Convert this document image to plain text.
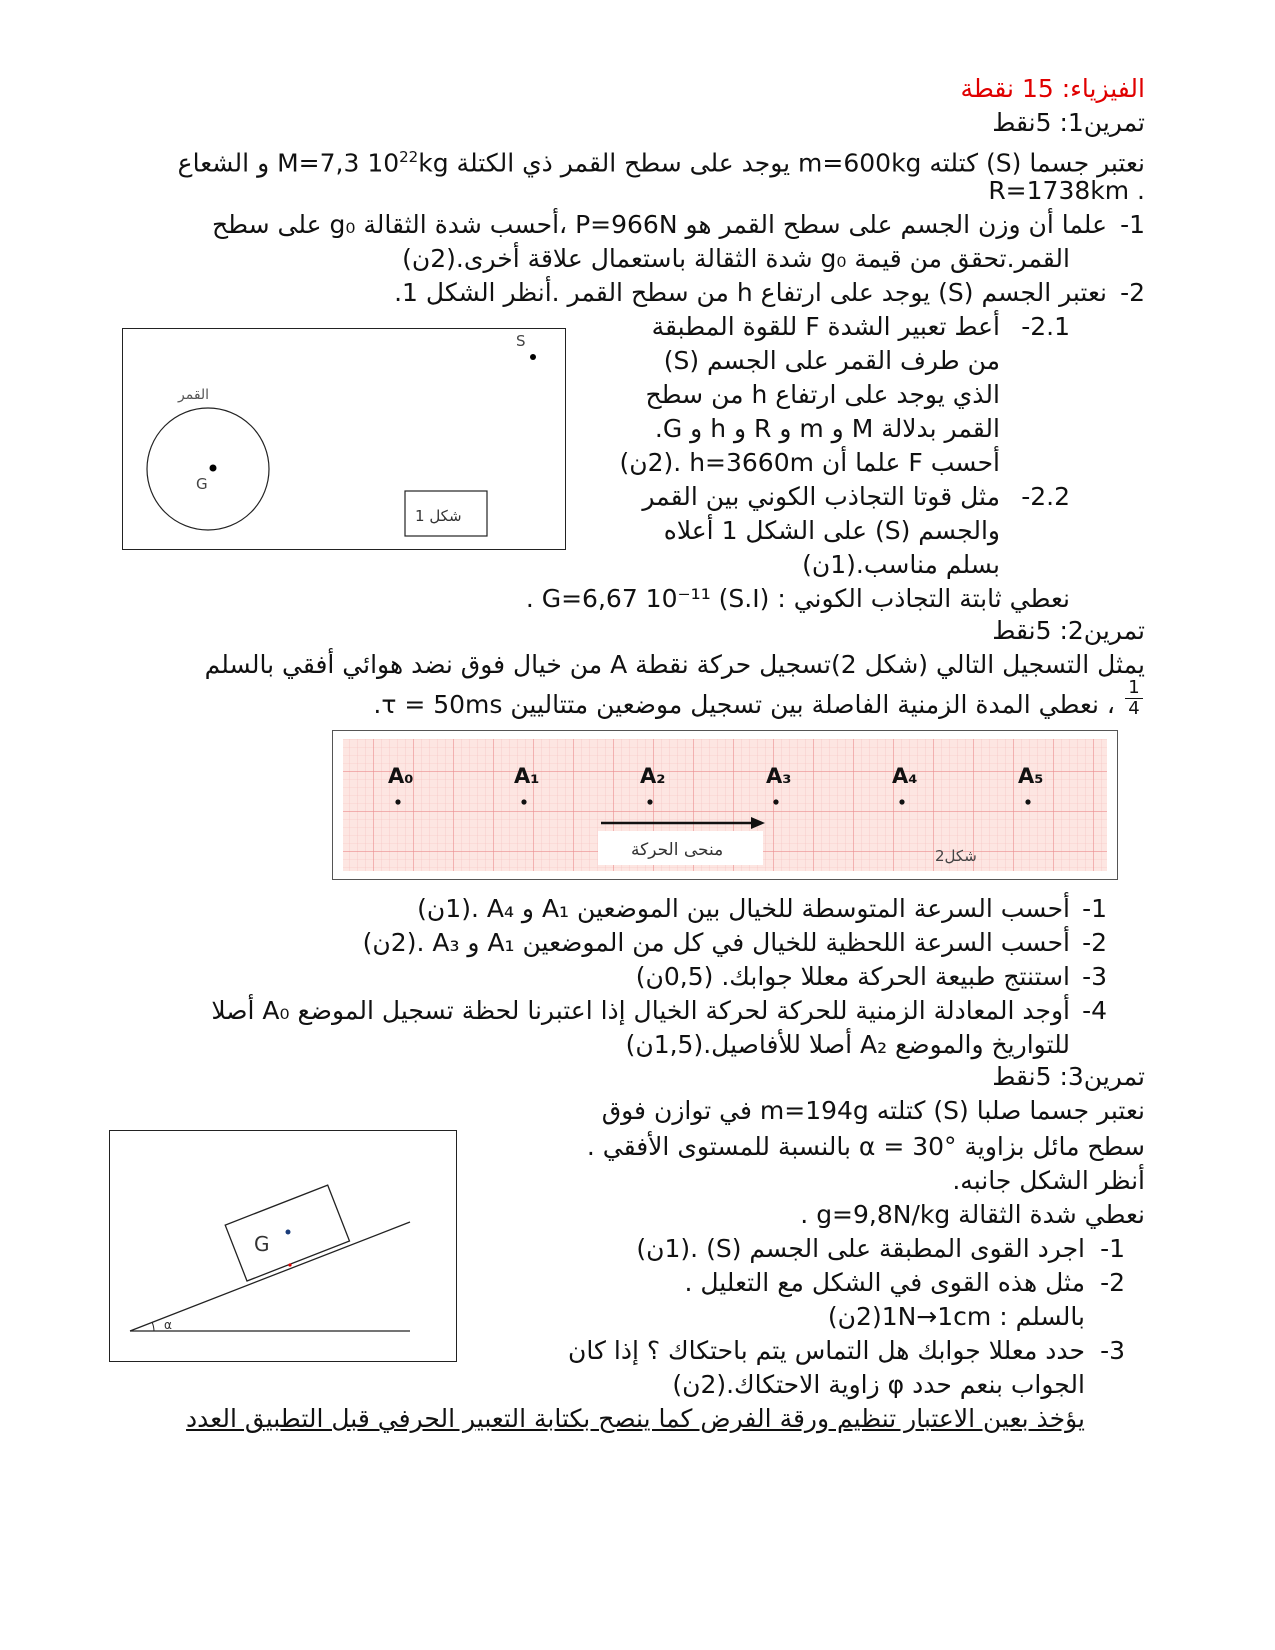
الفيزياء: 15 نقطة
تمرين1: 5نقط
نعتبر جسما (S) كتلته m=600kg يوجد على سطح القمر ذي الكتلة M=7,3 $10^{22}kg$ و الشعاع
. R=1738km
-1
علما أن وزن الجسم على سطح القمر هو P=966N ،أحسب شدة الثقالة g₀ على سطح
القمر.تحقق من قيمة g₀ شدة الثقالة باستعمال علاقة أخرى.(2ن)
-2
نعتبر الجسم (S) يوجد على ارتفاع h من سطح القمر .أنظر الشكل 1.
-2.1
أعط تعبير الشدة F للقوة المطبقة
من طرف القمر على الجسم (S)
الذي يوجد على ارتفاع h من سطح
القمر بدلالة M و m و R و h و G.
أحسب F علما أن h=3660m .(2ن)
-2.2
مثل قوتا التجاذب الكوني بين القمر
والجسم (S) على الشكل 1 أعلاه
بسلم مناسب.(1ن)
نعطي ثابتة التجاذب الكوني : (S.I) G=6,67 10⁻¹¹ .
G
القمر
S
شكل 1
تمرين2: 5نقط
يمثل التسجيل التالي (شكل 2)تسجيل حركة نقطة A من خيال فوق نضد هوائي أفقي بالسلم
$\frac{1}{4}$
، نعطي المدة الزمنية الفاصلة بين تسجيل موضعين متتاليين τ = 50ms.
A₀	A₁	A₂	A₃	A₄	A₅
منحى الحركة	شكل2
-1
أحسب السرعة المتوسطة للخيال بين الموضعين A₁ و A₄ .(1ن)
-2
أحسب السرعة اللحظية للخيال في كل من الموضعين A₁ و A₃ .(2ن)
-3
استنتج طبيعة الحركة معللا جوابك. (0,5ن)
-4
أوجد المعادلة الزمنية للحركة لحركة الخيال إذا اعتبرنا لحظة تسجيل الموضع A₀ أصلا
للتواريخ والموضع A₂ أصلا للأفاصيل.(1,5ن)
تمرين3: 5نقط
نعتبر جسما صلبا (S) كتلته m=194g في توازن فوق
سطح مائل بزاوية α = 30° بالنسبة للمستوى الأفقي .
أنظر الشكل جانبه.
نعطي شدة الثقالة g=9,8N/kg .
-1
اجرد القوى المطبقة على الجسم (S) .(1ن)
-2
مثل هذه القوى في الشكل مع التعليل .
بالسلم : 1N→1cm(2ن)
-3
حدد معللا جوابك هل التماس يتم باحتكاك ؟ إذا كان
الجواب بنعم حدد φ زاوية الاحتكاك.(2ن)
α
G
يؤخذ بعين الاعتبار تنظيم ورقة الفرض كما ينصح بكتابة التعبير الحرفي قبل التطبيق العدد
